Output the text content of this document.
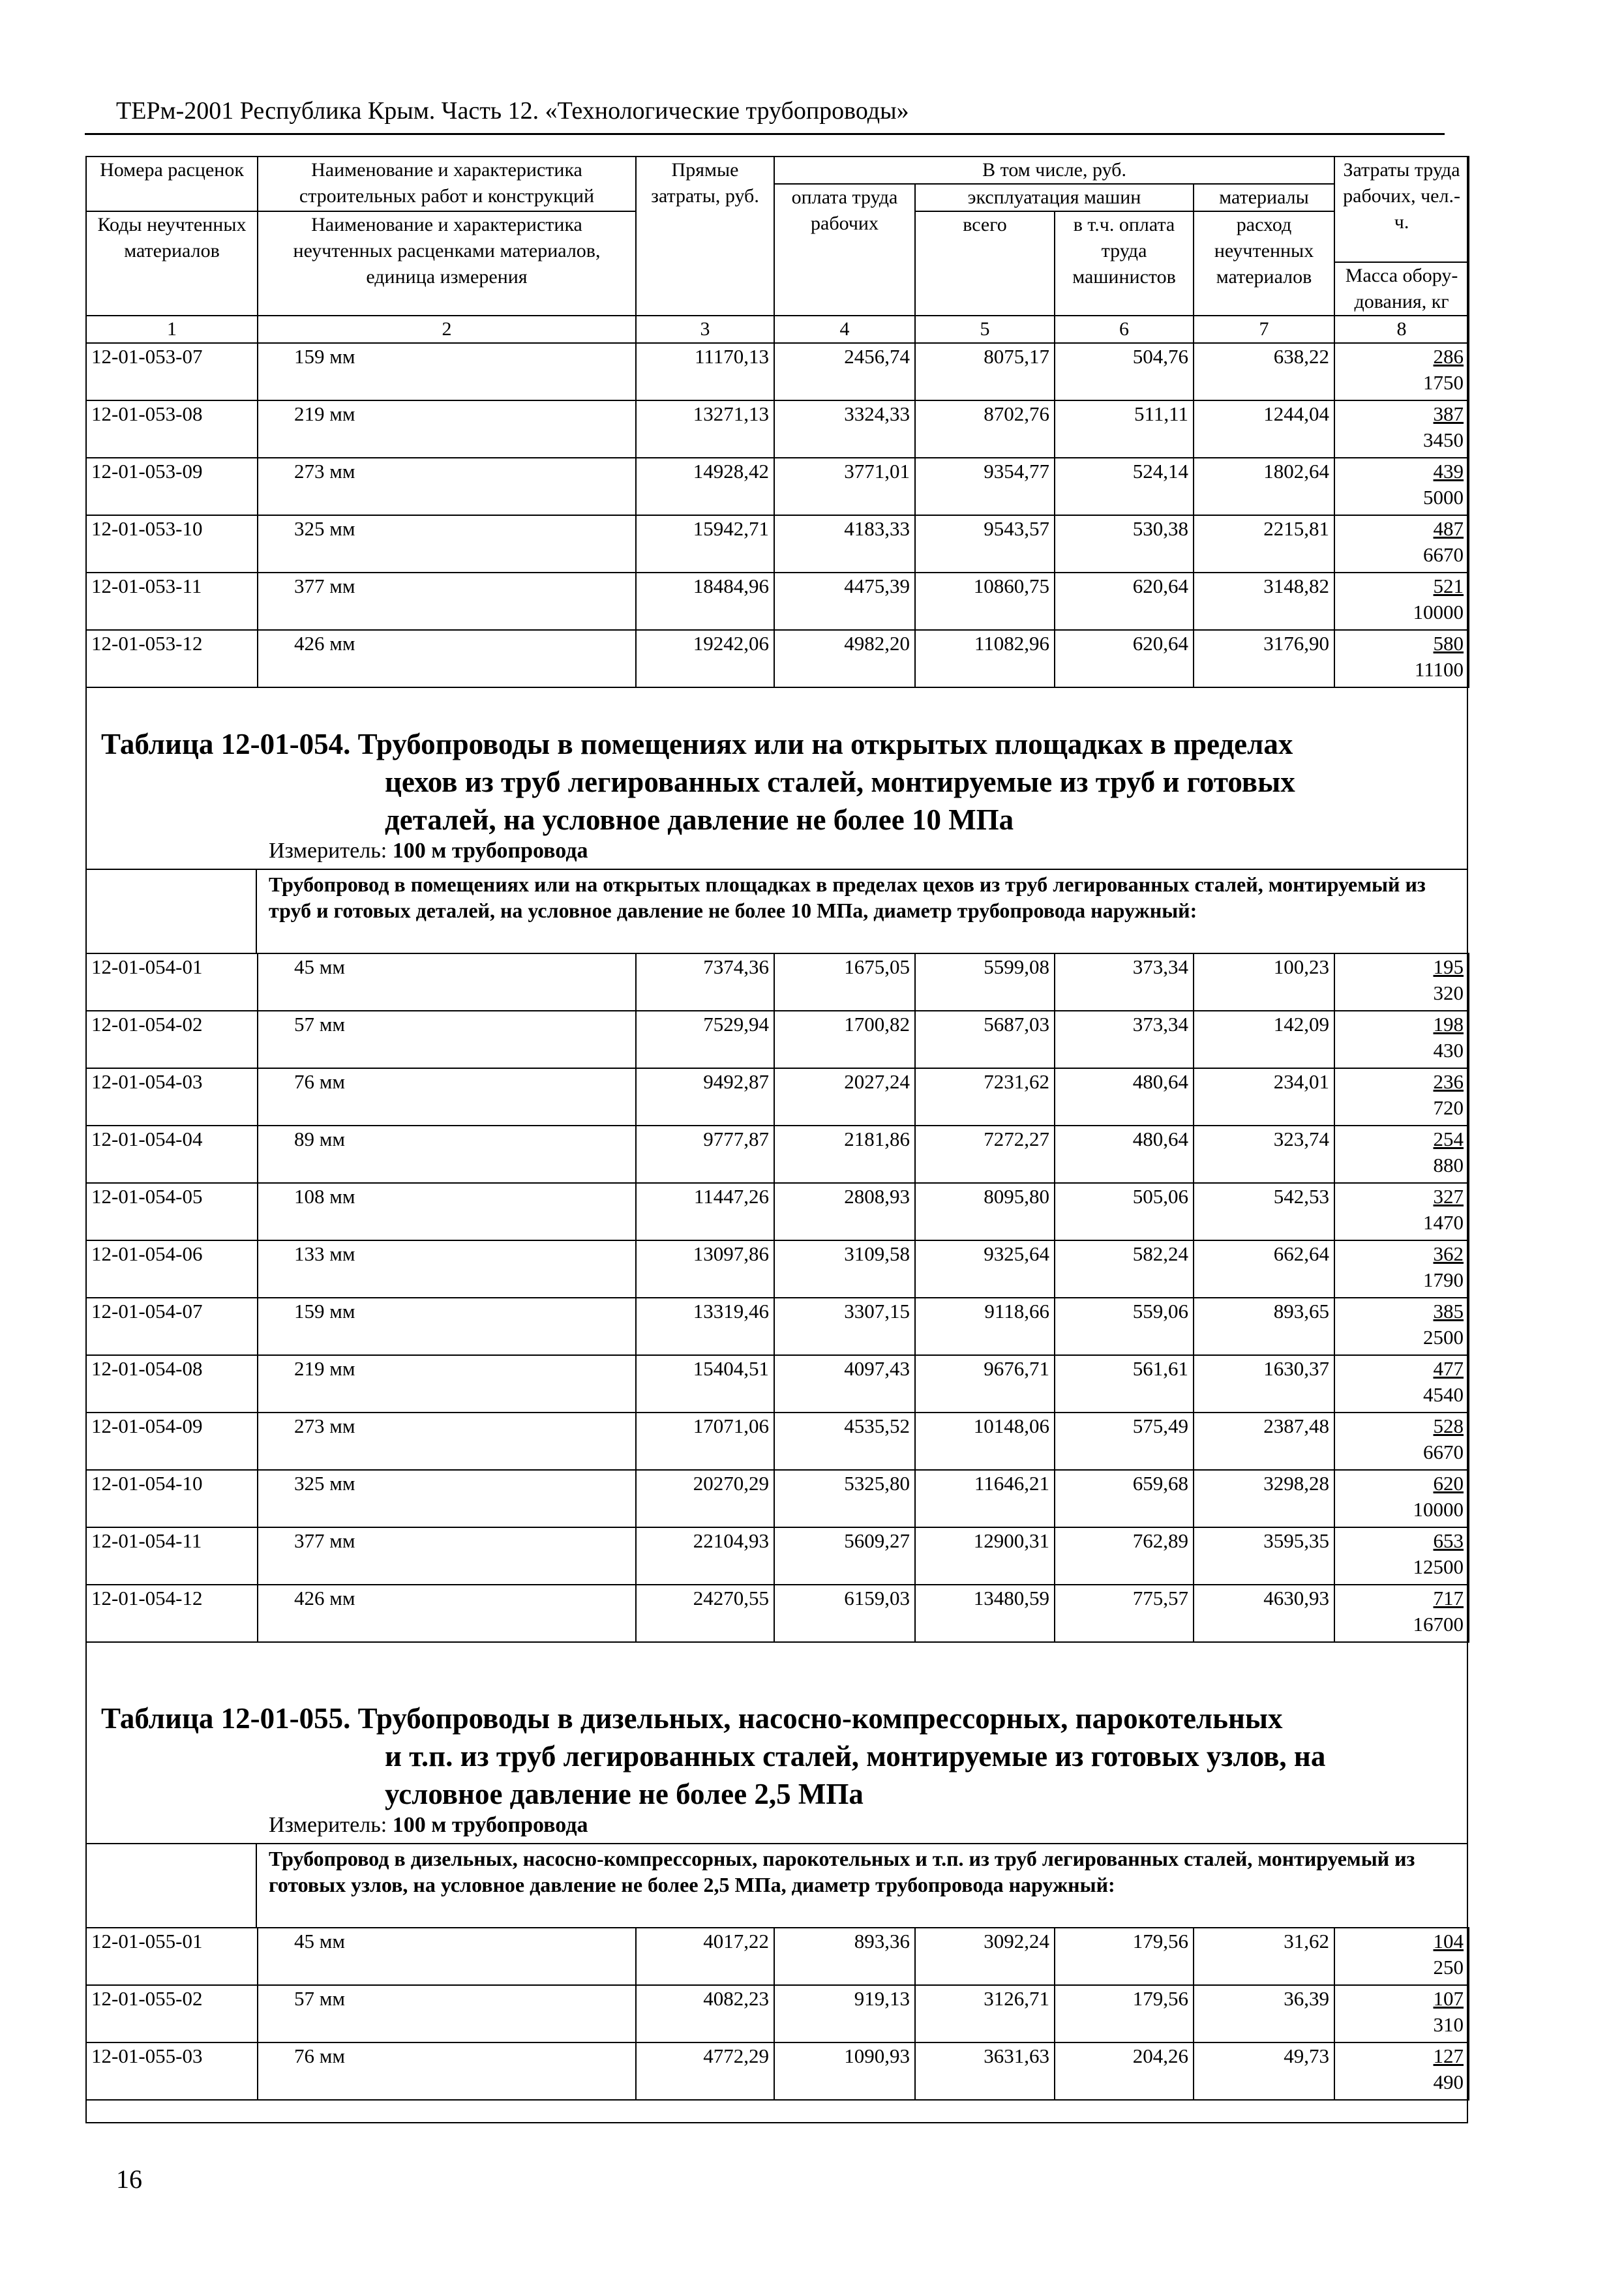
ТЕРм-2001 Республика Крым. Часть 12. «Технологические трубопроводы»
Номера расценок	Наименование и характеристика строительных работ и конструкций	Прямые затраты, руб.	В том числе, руб.				Затраты труда рабочих, чел.-ч.
			оплата труда рабочих	эксплуатация машин		материалы	
Коды неучтенных материалов	Наименование и характеристика неучтенных расценками материалов, единица измерения			всего	в т.ч. оплата труда машинистов	расход неучтенных материалов	
							Масса обору-дования, кг
1	2	3	4	5	6	7	8
12-01-053-07	159 мм	11170,13	2456,74	8075,17	504,76	638,22	286
1750

12-01-053-08	219 мм	13271,13	3324,33	8702,76	511,11	1244,04	387
3450

12-01-053-09	273 мм	14928,42	3771,01	9354,77	524,14	1802,64	439
5000

12-01-053-10	325 мм	15942,71	4183,33	9543,57	530,38	2215,81	487
6670

12-01-053-11	377 мм	18484,96	4475,39	10860,75	620,64	3148,82	521
10000

12-01-053-12	426 мм	19242,06	4982,20	11082,96	620,64	3176,90	580
11100
Таблица 12-01-054. Трубопроводы в помещениях или на открытых площадках в пределах
цехов из труб легированных сталей, монтируемые из труб и готовых
деталей, на условное давление не более 10 МПа
Измеритель: 100 м трубопровода
Трубопровод в помещениях или на открытых площадках в пределах цехов из труб легированных сталей, монтируемый из труб и готовых деталей, на условное давление не более 10 МПа, диаметр трубопровода наружный:
12-01-054-01	45 мм	7374,36	1675,05	5599,08	373,34	100,23	195
320

12-01-054-02	57 мм	7529,94	1700,82	5687,03	373,34	142,09	198
430

12-01-054-03	76 мм	9492,87	2027,24	7231,62	480,64	234,01	236
720

12-01-054-04	89 мм	9777,87	2181,86	7272,27	480,64	323,74	254
880

12-01-054-05	108 мм	11447,26	2808,93	8095,80	505,06	542,53	327
1470

12-01-054-06	133 мм	13097,86	3109,58	9325,64	582,24	662,64	362
1790

12-01-054-07	159 мм	13319,46	3307,15	9118,66	559,06	893,65	385
2500

12-01-054-08	219 мм	15404,51	4097,43	9676,71	561,61	1630,37	477
4540

12-01-054-09	273 мм	17071,06	4535,52	10148,06	575,49	2387,48	528
6670

12-01-054-10	325 мм	20270,29	5325,80	11646,21	659,68	3298,28	620
10000

12-01-054-11	377 мм	22104,93	5609,27	12900,31	762,89	3595,35	653
12500

12-01-054-12	426 мм	24270,55	6159,03	13480,59	775,57	4630,93	717
16700
Таблица 12-01-055. Трубопроводы в дизельных, насосно-компрессорных, парокотельных
и т.п. из труб легированных сталей, монтируемые из готовых узлов, на
условное давление не более 2,5 МПа
Измеритель: 100 м трубопровода
Трубопровод в дизельных, насосно-компрессорных, парокотельных и т.п. из труб легированных сталей, монтируемый из готовых узлов, на условное давление не более 2,5 МПа, диаметр трубопровода наружный:
12-01-055-01	45 мм	4017,22	893,36	3092,24	179,56	31,62	104
250

12-01-055-02	57 мм	4082,23	919,13	3126,71	179,56	36,39	107
310

12-01-055-03	76 мм	4772,29	1090,93	3631,63	204,26	49,73	127
490
16
